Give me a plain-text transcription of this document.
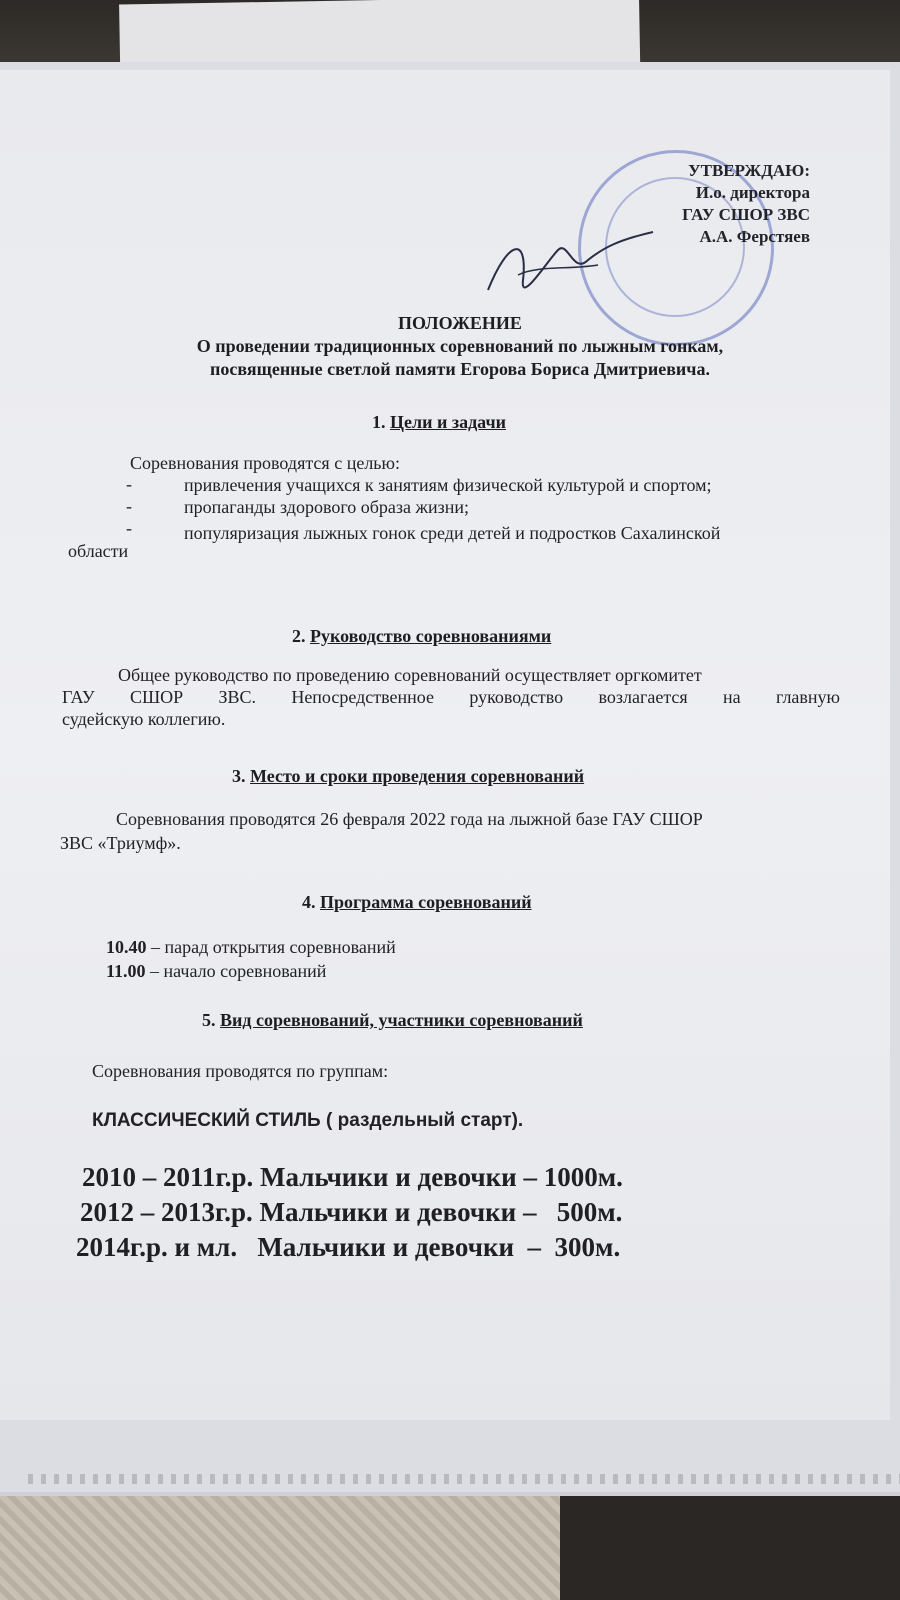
УТВЕРЖДАЮ:
И.о. директора
ГАУ СШОР ЗВС
А.А. Ферстяев
ПОЛОЖЕНИЕ
О проведении традиционных соревнований по лыжным гонкам,
посвященные светлой памяти Егорова Бориса Дмитриевича.
1. Цели и задачи
Соревнования проводятся с целью:
-	привлечения учащихся к занятиям физической культурой и спортом;
-	пропаганды здорового образа жизни;
-	популяризация лыжных гонок среди детей и подростков Сахалинской
области
2. Руководство соревнованиями
Общее руководство по проведению соревнований осуществляет оргкомитет
ГАУ СШОР ЗВС. Непосредственное руководство возлагается на главную
судейскую коллегию.
3. Место и сроки проведения соревнований
Соревнования проводятся 26 февраля 2022 года на лыжной базе ГАУ СШОР
ЗВС «Триумф».
4. Программа соревнований
10.40 – парад открытия соревнований
11.00 – начало соревнований
5. Вид соревнований, участники соревнований
Соревнования проводятся по группам:
КЛАССИЧЕСКИЙ СТИЛЬ ( раздельный старт).
2010 – 2011г.р. Мальчики и девочки – 1000м.
2012 – 2013г.р. Мальчики и девочки –   500м.
2014г.р. и мл.   Мальчики и девочки  –  300м.
